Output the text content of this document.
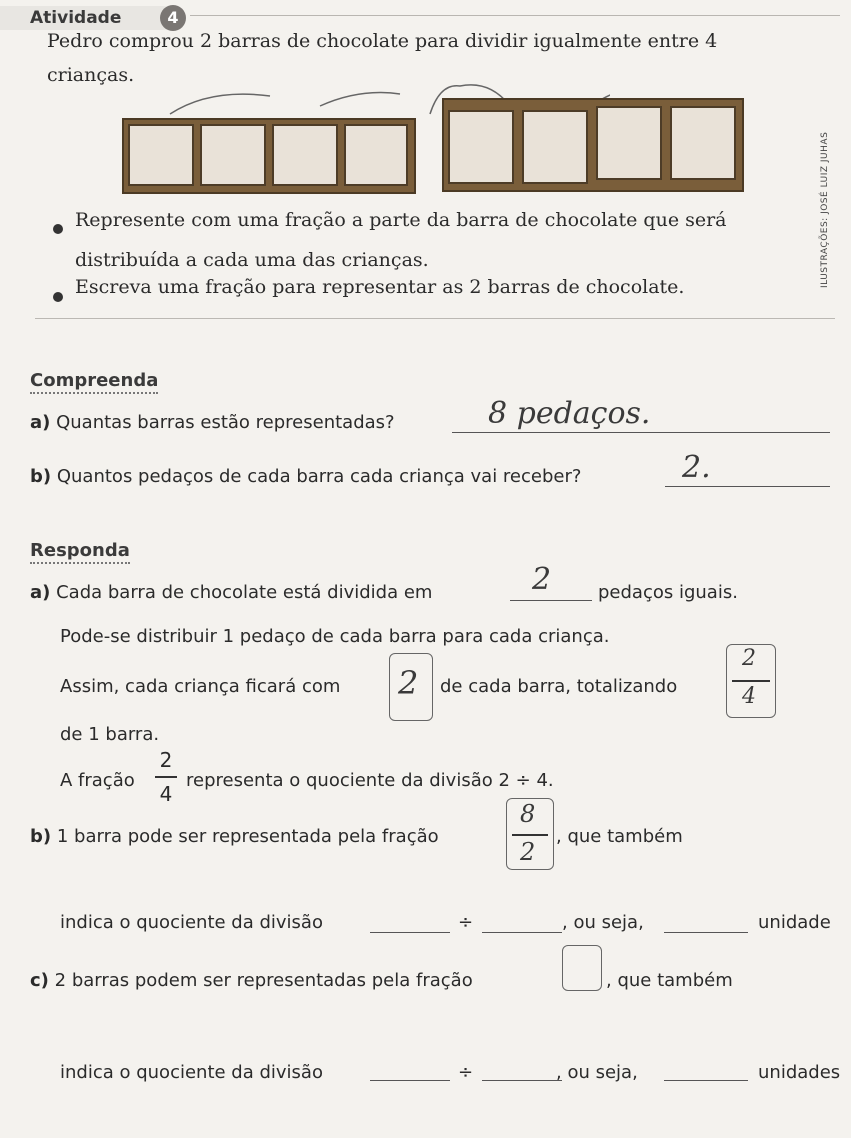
Atividade	4
Pedro comprou 2 barras de chocolate para dividir igualmente entre 4 crianças.
Represente com uma fração a parte da barra de chocolate que será distribuída a cada uma das crianças.
Escreva uma fração para representar as 2 barras de chocolate.	ILUSTRAÇÕES: JOSÉ LUIZ JUHAS
Compreenda
a) Quantas barras estão representadas?	8 pedaços.
b) Quantos pedaços de cada barra cada criança vai receber?	2.
Responda
a) Cada barra de chocolate está dividida em	2	pedaços iguais.
Pode-se distribuir 1 pedaço de cada barra para cada criança.
Assim, cada criança ficará com 2 de cada barra, totalizando
2
4
de 1 barra.
A fração
2
4
representa o quociente da divisão 2 ÷ 4.
b) 1 barra pode ser representada pela fração
8
2
, que também
indica o quociente da divisão	÷	, ou seja,	unidade
c) 2 barras podem ser representadas pela fração	, que também
indica o quociente da divisão	÷	, ou seja,	unidades
